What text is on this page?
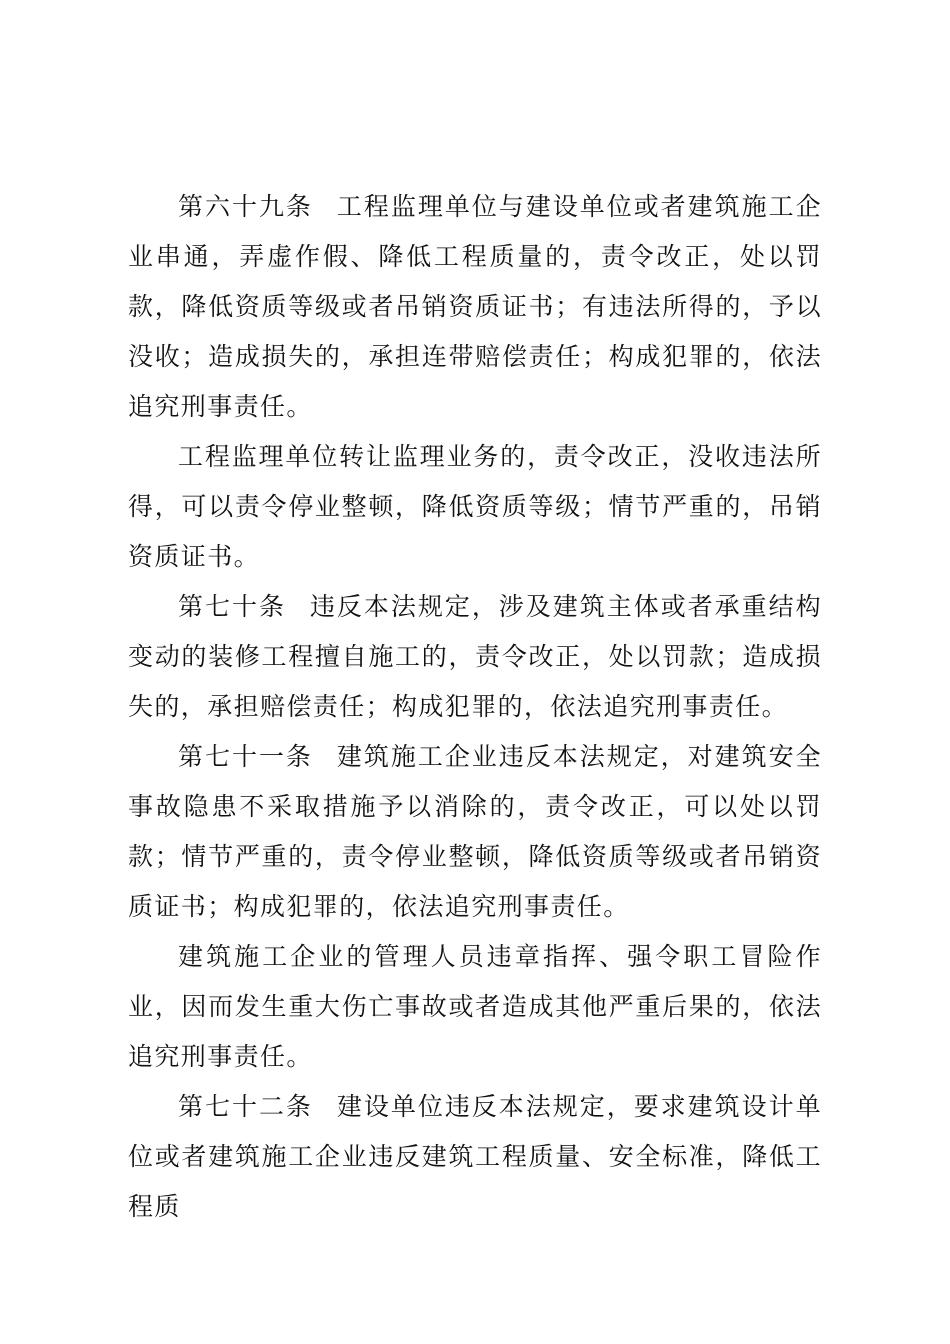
第六十九条 工程监理单位与建设单位或者建筑施工企业串通，弄虚作假、降低工程质量的，责令改正，处以罚款，降低资质等级或者吊销资质证书；有违法所得的，予以没收；造成损失的，承担连带赔偿责任；构成犯罪的，依法追究刑事责任。

工程监理单位转让监理业务的，责令改正，没收违法所得，可以责令停业整顿，降低资质等级；情节严重的，吊销资质证书。

第七十条 违反本法规定，涉及建筑主体或者承重结构变动的装修工程擅自施工的，责令改正，处以罚款；造成损失的，承担赔偿责任；构成犯罪的，依法追究刑事责任。

第七十一条 建筑施工企业违反本法规定，对建筑安全事故隐患不采取措施予以消除的，责令改正，可以处以罚款；情节严重的，责令停业整顿，降低资质等级或者吊销资质证书；构成犯罪的，依法追究刑事责任。

建筑施工企业的管理人员违章指挥、强令职工冒险作业，因而发生重大伤亡事故或者造成其他严重后果的，依法追究刑事责任。

第七十二条 建设单位违反本法规定，要求建筑设计单位或者建筑施工企业违反建筑工程质量、安全标准，降低工程质
